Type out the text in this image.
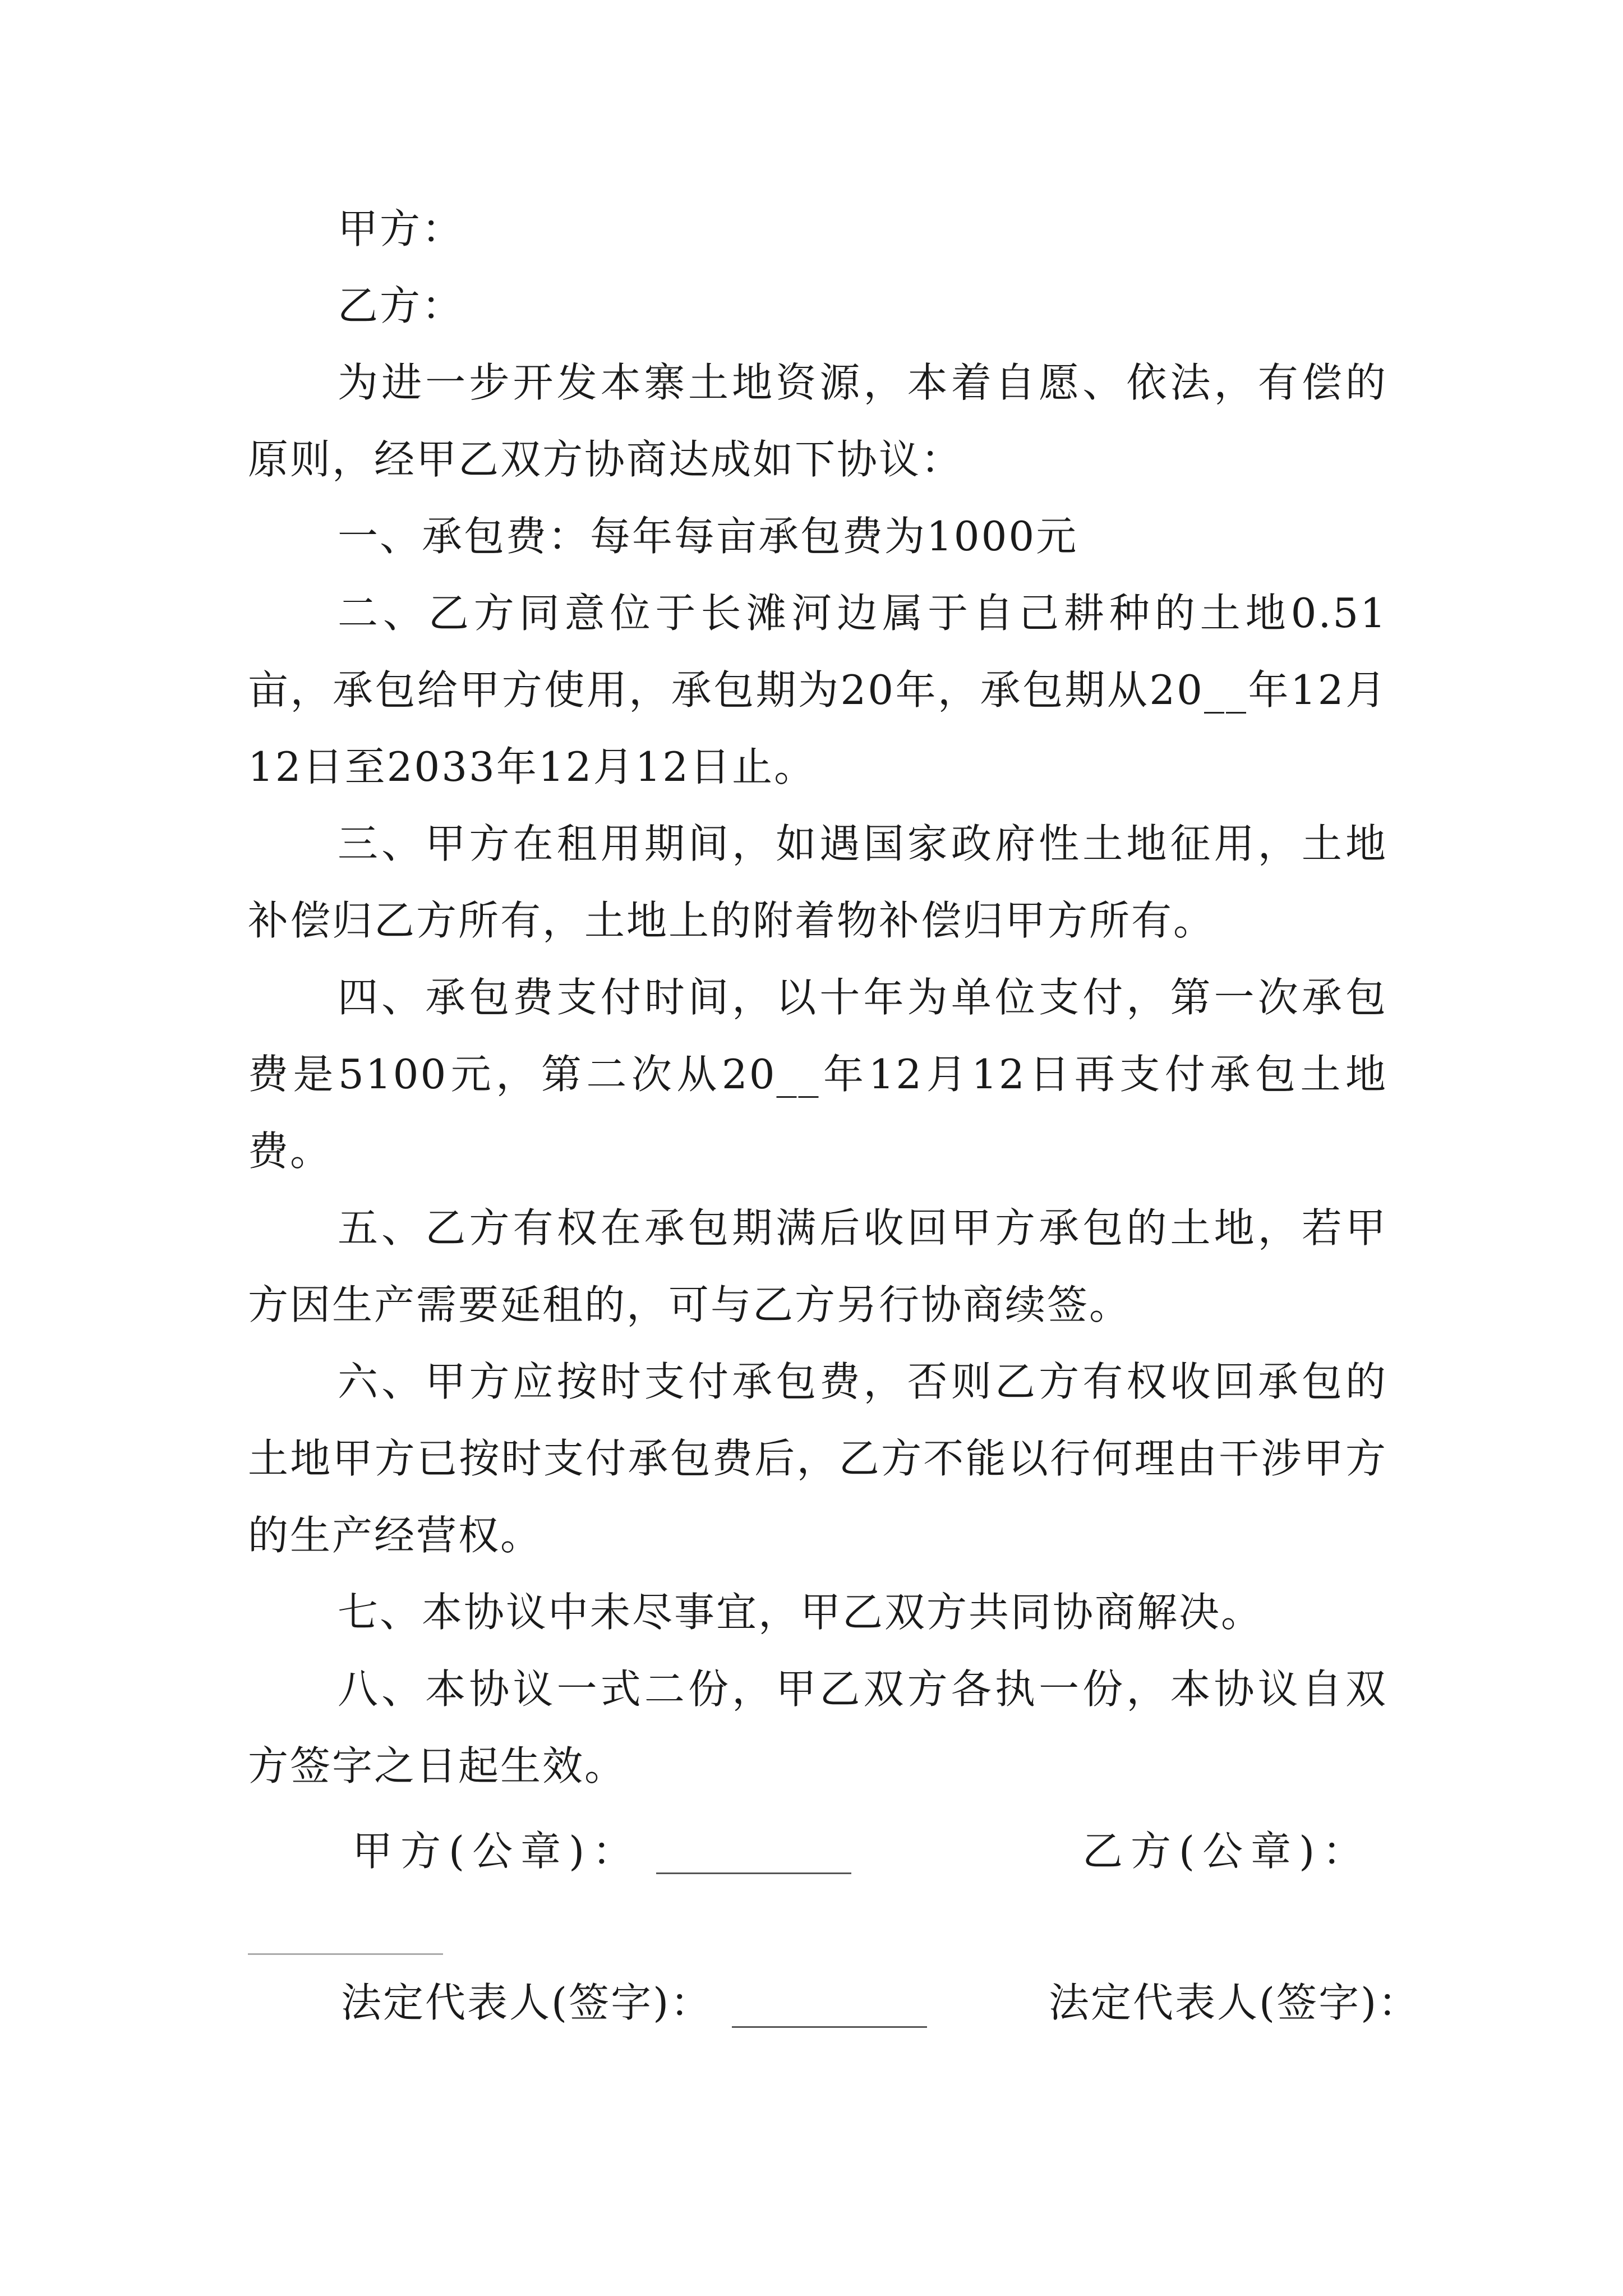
甲方：

乙方：

为进一步开发本寨土地资源，本着自愿、依法，有偿的原则，经甲乙双方协商达成如下协议：

一、承包费：每年每亩承包费为1000元

二、乙方同意位于长滩河边属于自己耕种的土地0.51亩，承包给甲方使用，承包期为20年，承包期从20__年12月12日至2033年12月12日止。

三、甲方在租用期间，如遇国家政府性土地征用，土地补偿归乙方所有，土地上的附着物补偿归甲方所有。

四、承包费支付时间，以十年为单位支付，第一次承包费是5100元，第二次从20__年12月12日再支付承包土地费。

五、乙方有权在承包期满后收回甲方承包的土地，若甲方因生产需要延租的，可与乙方另行协商续签。

六、甲方应按时支付承包费，否则乙方有权收回承包的土地甲方已按时支付承包费后，乙方不能以行何理由干涉甲方的生产经营权。

七、本协议中未尽事宜，甲乙双方共同协商解决。

八、本协议一式二份，甲乙双方各执一份，本协议自双方签字之日起生效。

甲方(公章)：	乙方(公章)：
法定代表人(签字)：	法定代表人(签字)：
